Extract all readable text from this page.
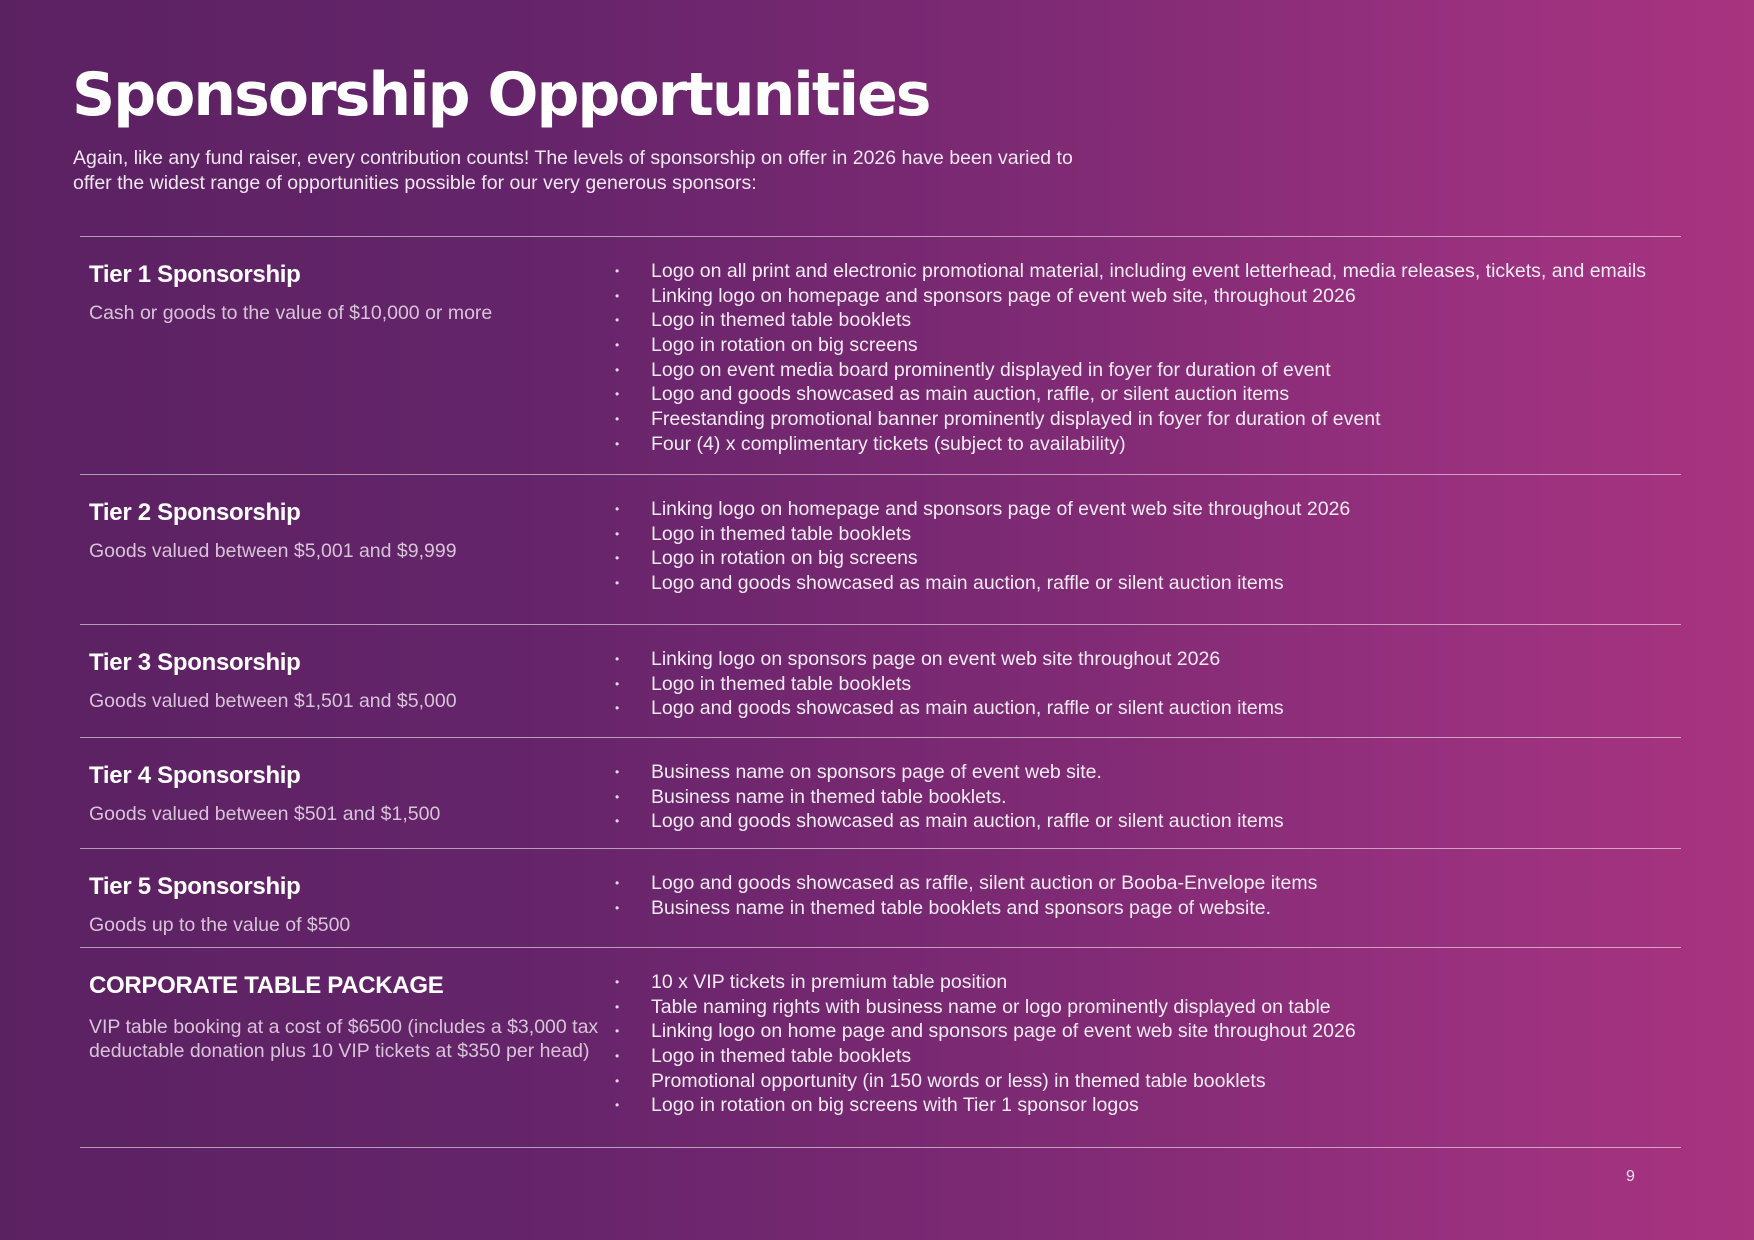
Sponsorship Opportunities

Again, like any fund raiser, every contribution counts! The levels of sponsorship on offer in 2026 have been varied to offer the widest range of opportunities possible for our very generous sponsors:

Tier 1 Sponsorship

Cash or goods to the value of $10,000 or more

• Logo on all print and electronic promotional material, including event letterhead, media releases, tickets, and emails
• Linking logo on homepage and sponsors page of event web site, throughout 2026
• Logo in themed table booklets
• Logo in rotation on big screens
• Logo on event media board prominently displayed in foyer for duration of event
• Logo and goods showcased as main auction, raffle, or silent auction items
• Freestanding promotional banner prominently displayed in foyer for duration of event
• Four (4) x complimentary tickets (subject to availability)
Tier 2 Sponsorship

Goods valued between $5,001 and $9,999

• Linking logo on homepage and sponsors page of event web site throughout 2026
• Logo in themed table booklets
• Logo in rotation on big screens
• Logo and goods showcased as main auction, raffle or silent auction items
Tier 3 Sponsorship

Goods valued between $1,501 and $5,000

• Linking logo on sponsors page on event web site throughout 2026
• Logo in themed table booklets
• Logo and goods showcased as main auction, raffle or silent auction items
Tier 4 Sponsorship

Goods valued between $501 and $1,500

• Business name on sponsors page of event web site.
• Business name in themed table booklets.
• Logo and goods showcased as main auction, raffle or silent auction items
Tier 5 Sponsorship

Goods up to the value of $500

• Logo and goods showcased as raffle, silent auction or Booba-Envelope items
• Business name in themed table booklets and sponsors page of website.
CORPORATE TABLE PACKAGE

VIP table booking at a cost of $6500 (includes a $3,000 tax deductable donation plus 10 VIP tickets at $350 per head)

• 10 x VIP tickets in premium table position
• Table naming rights with business name or logo prominently displayed on table
• Linking logo on home page and sponsors page of event web site throughout 2026
• Logo in themed table booklets
• Promotional opportunity (in 150 words or less) in themed table booklets
• Logo in rotation on big screens with Tier 1 sponsor logos
9
